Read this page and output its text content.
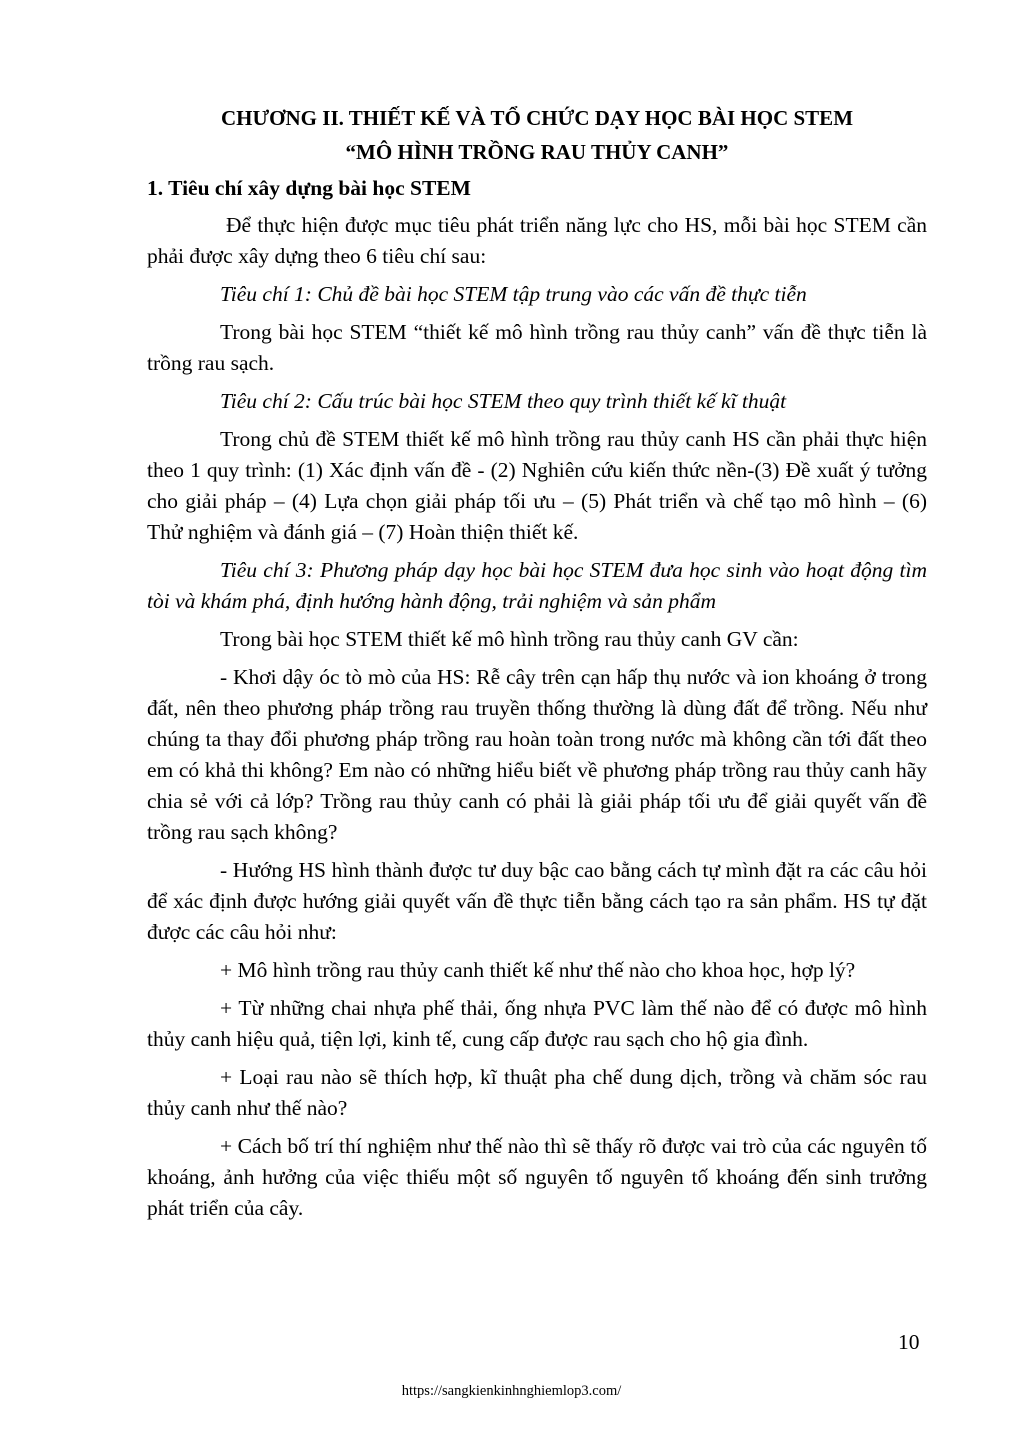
CHƯƠNG II. THIẾT KẾ VÀ TỔ CHỨC DẠY HỌC BÀI HỌC STEM
“MÔ HÌNH TRỒNG RAU THỦY CANH”
1. Tiêu chí xây dựng bài học STEM

Để thực hiện được mục tiêu phát triển năng lực cho HS, mỗi bài học STEM cần phải được xây dựng theo 6 tiêu chí sau:

Tiêu chí 1: Chủ đề bài học STEM tập trung vào các vấn đề thực tiễn

Trong bài học STEM “thiết kế mô hình trồng rau thủy canh” vấn đề thực tiễn là trồng rau sạch.

Tiêu chí 2: Cấu trúc bài học STEM theo quy trình thiết kế kĩ thuật

Trong chủ đề STEM thiết kế mô hình trồng rau thủy canh HS cần phải thực hiện theo 1 quy trình: (1) Xác định vấn đề - (2) Nghiên cứu kiến thức nền-(3) Đề xuất ý tưởng cho giải pháp – (4) Lựa chọn giải pháp tối ưu – (5) Phát triển và chế tạo mô hình – (6) Thử nghiệm và đánh giá – (7) Hoàn thiện thiết kế.

Tiêu chí 3: Phương pháp dạy học bài học STEM đưa học sinh vào hoạt động tìm tòi và khám phá, định hướng hành động, trải nghiệm và sản phẩm

Trong bài học STEM thiết kế mô hình trồng rau thủy canh GV cần:

- Khơi dậy óc tò mò của HS: Rễ cây trên cạn hấp thụ nước và ion khoáng ở trong đất, nên theo phương pháp trồng rau truyền thống thường là dùng đất để trồng. Nếu như chúng ta thay đổi phương pháp trồng rau hoàn toàn trong nước mà không cần tới đất theo em có khả thi không? Em nào có những hiểu biết về phương pháp trồng rau thủy canh hãy chia sẻ với cả lớp? Trồng rau thủy canh có phải là giải pháp tối ưu để giải quyết vấn đề trồng rau sạch không?

- Hướng HS hình thành được tư duy bậc cao bằng cách tự mình đặt ra các câu hỏi để xác định được hướng giải quyết vấn đề thực tiễn bằng cách tạo ra sản phẩm. HS tự đặt được các câu hỏi như:

+ Mô hình trồng rau thủy canh thiết kế như thế nào cho khoa học, hợp lý?

+ Từ những chai nhựa phế thải, ống nhựa PVC làm thế nào để có được mô hình thủy canh hiệu quả, tiện lợi, kinh tế, cung cấp được rau sạch cho hộ gia đình.

+ Loại rau nào sẽ thích hợp, kĩ thuật pha chế dung dịch, trồng và chăm sóc rau thủy canh như thế nào?

+ Cách bố trí thí nghiệm như thế nào thì sẽ thấy rõ được vai trò của các nguyên tố khoáng, ảnh hưởng của việc thiếu một số nguyên tố nguyên tố khoáng đến sinh trưởng phát triển của cây.

10
https://sangkienkinhnghiemlop3.com/
